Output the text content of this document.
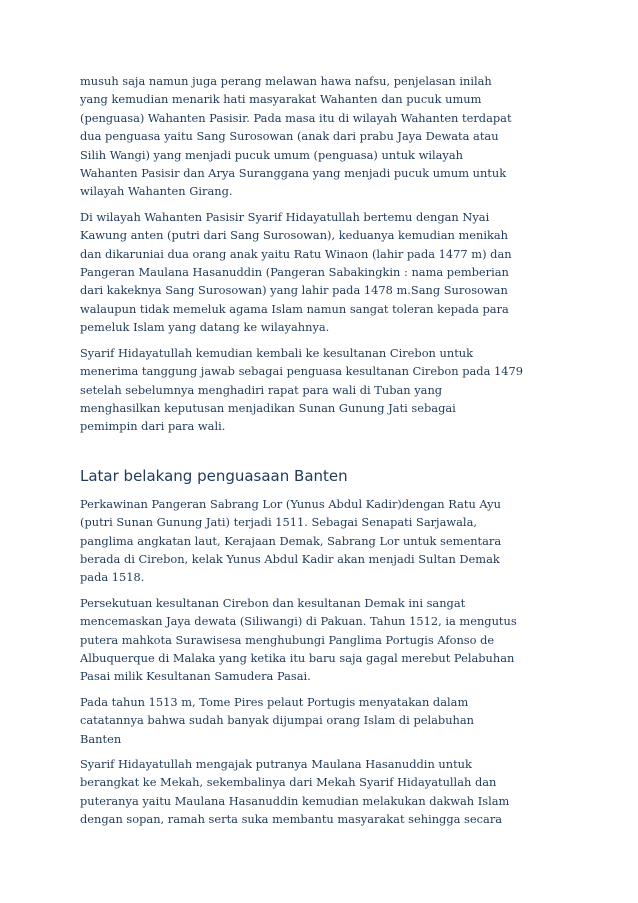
musuh saja namun juga perang melawan hawa nafsu, penjelasan inilah
yang kemudian menarik hati masyarakat Wahanten dan pucuk umum
(penguasa) Wahanten Pasisir. Pada masa itu di wilayah Wahanten terdapat
dua penguasa yaitu Sang Surosowan (anak dari prabu Jaya Dewata atau
Silih Wangi) yang menjadi pucuk umum (penguasa) untuk wilayah
Wahanten Pasisir dan Arya Suranggana yang menjadi pucuk umum untuk
wilayah Wahanten Girang.

Di wilayah Wahanten Pasisir Syarif Hidayatullah bertemu dengan Nyai
Kawung anten (putri dari Sang Surosowan), keduanya kemudian menikah
dan dikaruniai dua orang anak yaitu Ratu Winaon (lahir pada 1477 m) dan
Pangeran Maulana Hasanuddin (Pangeran Sabakingkin : nama pemberian
dari kakeknya Sang Surosowan) yang lahir pada 1478 m.Sang Surosowan
walaupun tidak memeluk agama Islam namun sangat toleran kepada para
pemeluk Islam yang datang ke wilayahnya.

Syarif Hidayatullah kemudian kembali ke kesultanan Cirebon untuk
menerima tanggung jawab sebagai penguasa kesultanan Cirebon pada 1479
setelah sebelumnya menghadiri rapat para wali di Tuban yang
menghasilkan keputusan menjadikan Sunan Gunung Jati sebagai
pemimpin dari para wali.

Latar belakang penguasaan Banten

Perkawinan Pangeran Sabrang Lor (Yunus Abdul Kadir)dengan Ratu Ayu
(putri Sunan Gunung Jati) terjadi 1511. Sebagai Senapati Sarjawala,
panglima angkatan laut, Kerajaan Demak, Sabrang Lor untuk sementara
berada di Cirebon, kelak Yunus Abdul Kadir akan menjadi Sultan Demak
pada 1518.

Persekutuan kesultanan Cirebon dan kesultanan Demak ini sangat
mencemaskan Jaya dewata (Siliwangi) di Pakuan. Tahun 1512, ia mengutus
putera mahkota Surawisesa menghubungi Panglima Portugis Afonso de
Albuquerque di Malaka yang ketika itu baru saja gagal merebut Pelabuhan
Pasai milik Kesultanan Samudera Pasai.

Pada tahun 1513 m, Tome Pires pelaut Portugis menyatakan dalam
catatannya bahwa sudah banyak dijumpai orang Islam di pelabuhan
Banten

Syarif Hidayatullah mengajak putranya Maulana Hasanuddin untuk
berangkat ke Mekah, sekembalinya dari Mekah Syarif Hidayatullah dan
puteranya yaitu Maulana Hasanuddin kemudian melakukan dakwah Islam
dengan sopan, ramah serta suka membantu masyarakat sehingga secara
